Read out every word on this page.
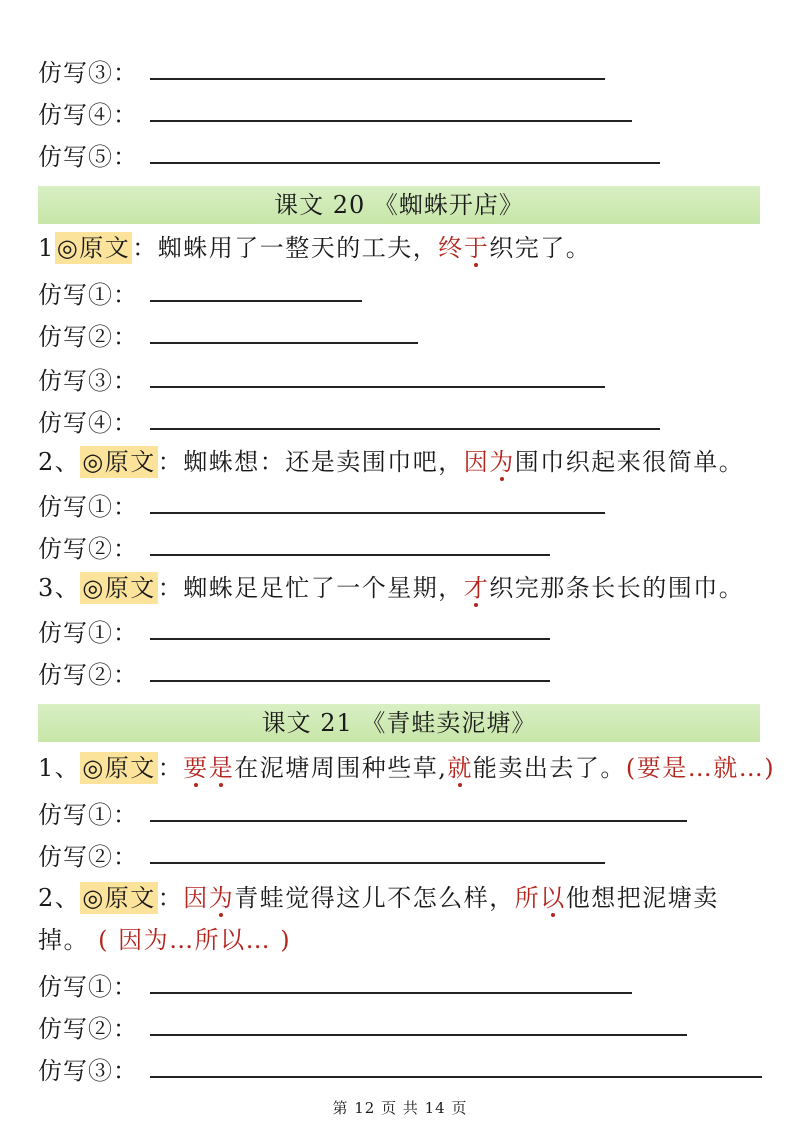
仿写③：
仿写④：
仿写⑤：
课文 20 《蜘蛛开店》
1◎原文：蜘蛛用了一整天的工夫，终于织完了。
仿写①：
仿写②：
仿写③：
仿写④：
2、◎原文：蜘蛛想：还是卖围巾吧，因为围巾织起来很简单。
仿写①：
仿写②：
3、◎原文：蜘蛛足足忙了一个星期，才织完那条长长的围巾。
仿写①：
仿写②：
课文 21 《青蛙卖泥塘》
1、◎原文：要是在泥塘周围种些草,就能卖出去了。(要是…就…)
仿写①：
仿写②：
2、◎原文：因为青蛙觉得这儿不怎么样，所以他想把泥塘卖
掉。 ( 因为…所以… )
仿写①：
仿写②：
仿写③：
第 12 页 共 14 页
